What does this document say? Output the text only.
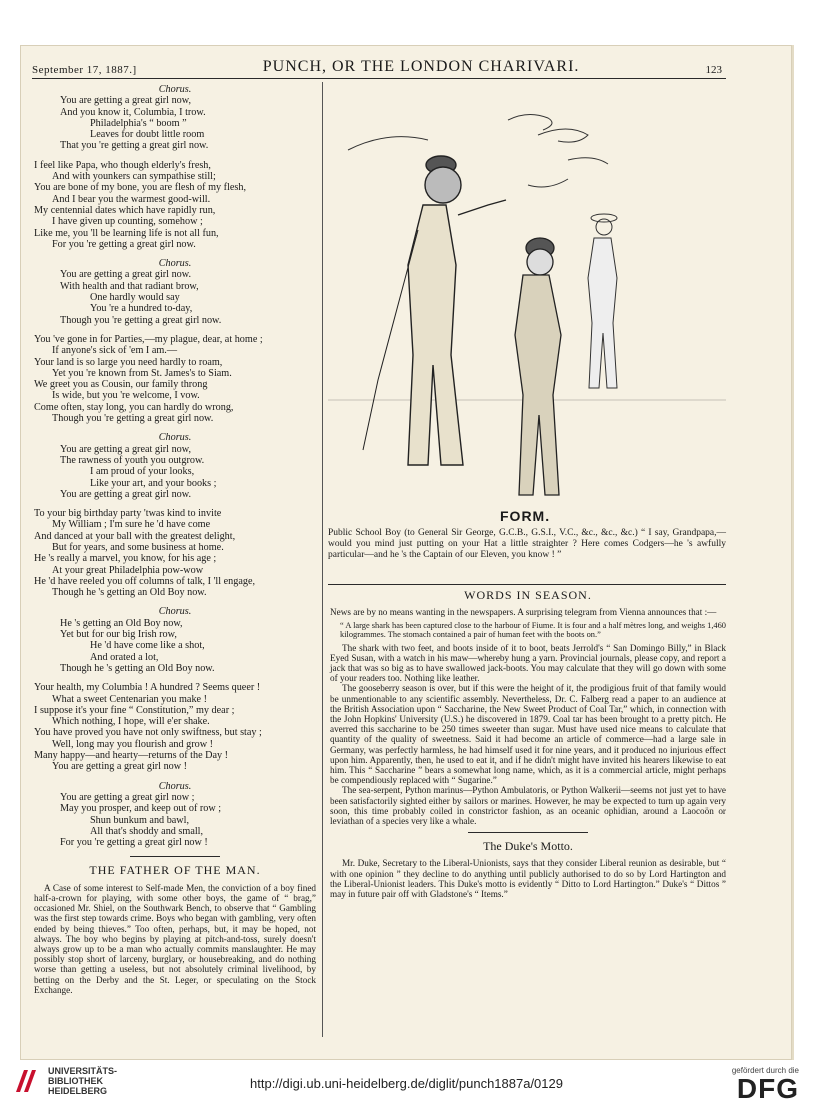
September 17, 1887.]	PUNCH, OR THE LONDON CHARIVARI.	123
Chorus.
You are getting a great girl now,
And you know it, Columbia, I trow.
Philadelphia's “ boom ”
Leaves for doubt little room
That you 're getting a great girl now.
I feel like Papa, who though elderly's fresh,
And with younkers can sympathise still;
You are bone of my bone, you are flesh of my flesh,
And I bear you the warmest good-will.
My centennial dates which have rapidly run,
I have given up counting, somehow ;
Like me, you 'll be learning life is not all fun,
For you 're getting a great girl now.
Chorus.
You are getting a great girl now.
With health and that radiant brow,
One hardly would say
You 're a hundred to-day,
Though you 're getting a great girl now.
You 've gone in for Parties,—my plague, dear, at home ;
If anyone's sick of 'em I am.—
Your land is so large you need hardly to roam,
Yet you 're known from St. James's to Siam.
We greet you as Cousin, our family throng
Is wide, but you 're welcome, I vow.
Come often, stay long, you can hardly do wrong,
Though you 're getting a great girl now.
Chorus.
You are getting a great girl now,
The rawness of youth you outgrow.
I am proud of your looks,
Like your art, and your books ;
You are getting a great girl now.
To your big birthday party 'twas kind to invite
My William ; I'm sure he 'd have come
And danced at your ball with the greatest delight,
But for years, and some business at home.
He 's really a marvel, you know, for his age ;
At your great Philadelphia pow-wow
He 'd have reeled you off columns of talk, I 'll engage,
Though he 's getting an Old Boy now.
Chorus.
He 's getting an Old Boy now,
Yet but for our big Irish row,
He 'd have come like a shot,
And orated a lot,
Though he 's getting an Old Boy now.
Your health, my Columbia ! A hundred ? Seems queer !
What a sweet Centenarian you make !
I suppose it's your fine “ Constitution,” my dear ;
Which nothing, I hope, will e'er shake.
You have proved you have not only swiftness, but stay ;
Well, long may you flourish and grow !
Many happy—and hearty—returns of the Day !
You are getting a great girl now !
Chorus.
You are getting a great girl now ;
May you prosper, and keep out of row ;
Shun bunkum and bawl,
All that's shoddy and small,
For you 're getting a great girl now !
THE FATHER OF THE MAN.
A Case of some interest to Self-made Men, the conviction of a boy fined half-a-crown for playing, with some other boys, the game of “ brag,” occasioned Mr. Shiel, on the Southwark Bench, to observe that “ Gambling was the first step towards crime. Boys who began with gambling, very often ended by being thieves.” Too often, perhaps, but, it may be hoped, not always. The boy who begins by playing at pitch-and-toss, surely doesn't always grow up to be a man who actually commits manslaughter. He may possibly stop short of larceny, burglary, or housebreaking, and do nothing worse than getting a useless, but not absolutely criminal livelihood, by betting on the Derby and the St. Leger, or speculating on the Stock Exchange.
FORM.
Public School Boy (to General Sir George, G.C.B., G.S.I., V.C., &c., &c., &c.) “ I say, Grandpapa,—would you mind just putting on your Hat a little straighter ? Here comes Codgers—he 's awfully particular—and he 's the Captain of our Eleven, you know ! ”
WORDS IN SEASON.
News are by no means wanting in the newspapers. A surprising telegram from Vienna announces that :—
“ A large shark has been captured close to the harbour of Fiume. It is four and a half mètres long, and weighs 1,460 kilogrammes. The stomach contained a pair of human feet with the boots on.”
The shark with two feet, and boots inside of it to boot, beats Jerrold's “ San Domingo Billy,” in Black Eyed Susan, with a watch in his maw—whereby hung a yarn. Provincial journals, please copy, and report a jack that was so big as to have swallowed jack-boots. You may calculate that they will go down with some of your readers too. Nothing like leather.
The gooseberry season is over, but if this were the height of it, the prodigious fruit of that family would be unmentionable to any scientific assembly. Nevertheless, Dr. C. Falberg read a paper to an audience at the British Association upon “ Saccharine, the New Sweet Product of Coal Tar,” which, in connection with the John Hopkins' University (U.S.) he discovered in 1879. Coal tar has been brought to a pretty pitch. He averred this saccharine to be 250 times sweeter than sugar. Must have used nice means to calculate that quantity of the quality of sweetness. Said it had become an article of commerce—had a large sale in Germany, was perfectly harmless, he had himself used it for nine years, and it produced no injurious effect upon him. Apparently, then, he used to eat it, and if he didn't might have invited his hearers likewise to eat him. This “ Saccharine ” bears a somewhat long name, which, as it is a commercial article, might perhaps be compendiously replaced with “ Sugarine.”
The sea-serpent, Python marinus—Python Ambulatoris, or Python Walkerii—seems not just yet to have been satisfactorily sighted either by sailors or marines. However, he may be expected to turn up again very soon, this time probably coiled in constrictor fashion, as an oceanic ophidian, around a Laocoön or leviathan of a species very like a whale.
The Duke's Motto.
Mr. Duke, Secretary to the Liberal-Unionists, says that they consider Liberal reunion as desirable, but “ with one opinion ” they decline to do anything until publicly authorised to do so by Lord Hartington and the Liberal-Unionist leaders. This Duke's motto is evidently “ Ditto to Lord Hartington.” Duke's “ Dittos ” may in future pair off with Gladstone's “ Items.”
UNIVERSITÄTS-
BIBLIOTHEK
HEIDELBERG	http://digi.ub.uni-heidelberg.de/diglit/punch1887a/0129
gefördert durch die
DFG
